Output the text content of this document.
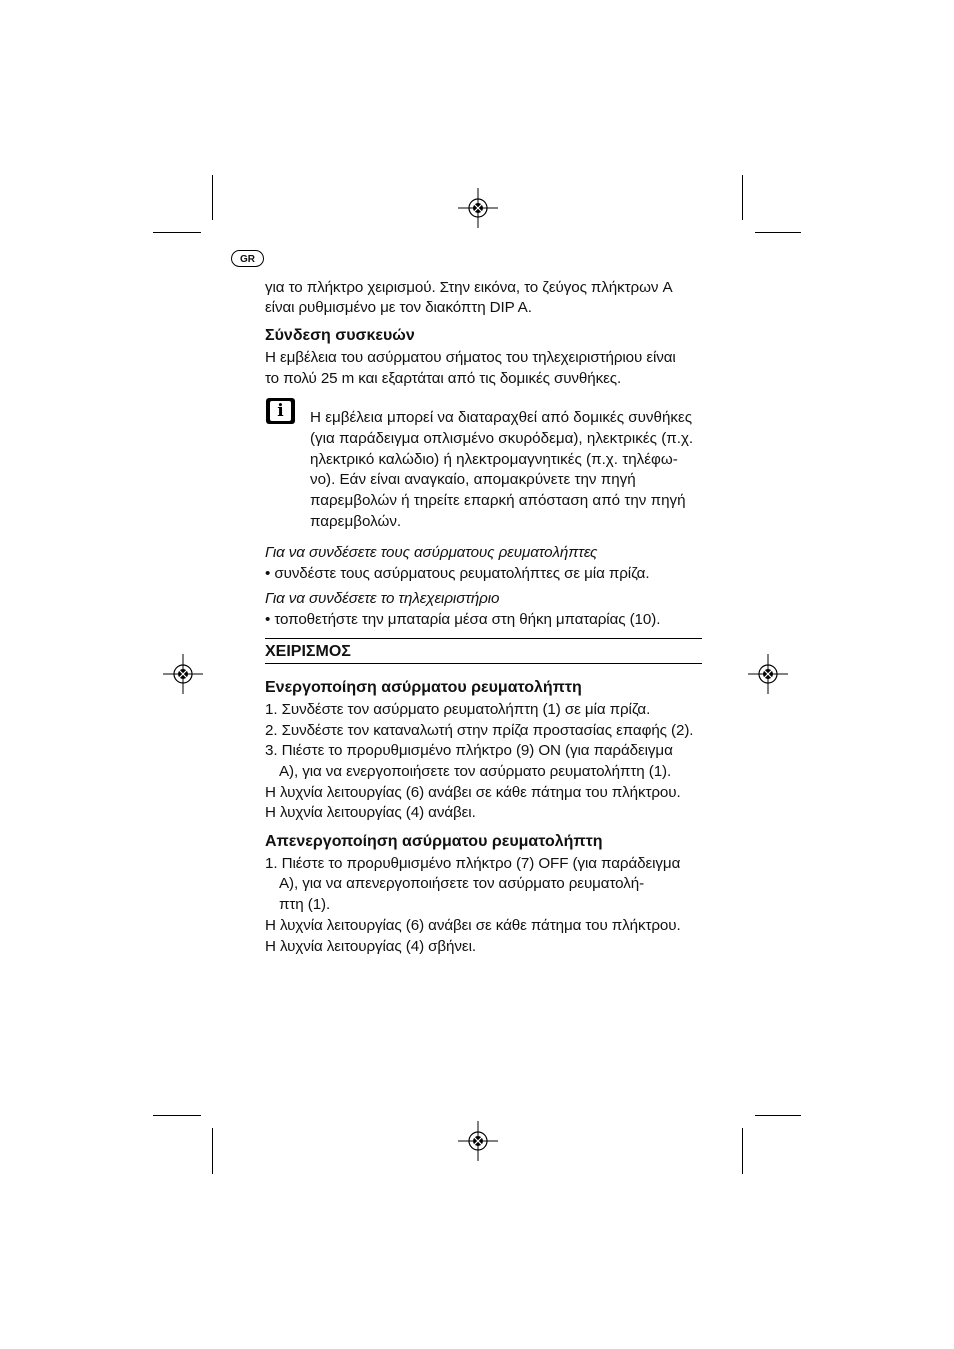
GR
για το πλήκτρο χειρισμού. Στην εικόνα, το ζεύγος πλήκτρων A
είναι ρυθμισμένο με τον διακόπτη DIP A.
Σύνδεση συσκευών
Η εμβέλεια του ασύρματου σήματος του τηλεχειριστήριου είναι
το πολύ 25 m και εξαρτάται από τις δομικές συνθήκες.
i	Η εμβέλεια μπορεί να διαταραχθεί από δομικές συνθήκες
(για παράδειγμα οπλισμένο σκυρόδεμα), ηλεκτρικές (π.χ.
ηλεκτρικό καλώδιο) ή ηλεκτρομαγνητικές (π.χ. τηλέφω-
νο). Εάν είναι αναγκαίο, απομακρύνετε την πηγή
παρεμβολών ή τηρείτε επαρκή απόσταση από την πηγή
παρεμβολών.
Για να συνδέσετε τους ασύρματους ρευματολήπτες
• συνδέστε τους ασύρματους ρευματολήπτες σε μία πρίζα.
Για να συνδέσετε το τηλεχειριστήριο
• τοποθετήστε την μπαταρία μέσα στη θήκη μπαταρίας (10).
ΧΕΙΡΙΣΜΟΣ
Ενεργοποίηση ασύρματου ρευματολήπτη
1. Συνδέστε τον ασύρματο ρευματολήπτη (1) σε μία πρίζα.
2. Συνδέστε τον καταναλωτή στην πρίζα προστασίας επαφής (2).
3. Πιέστε το προρυθμισμένο πλήκτρο (9) ON (για παράδειγμα
A), για να ενεργοποιήσετε τον ασύρματο ρευματολήπτη (1).
Η λυχνία λειτουργίας (6) ανάβει σε κάθε πάτημα του πλήκτρου.
Η λυχνία λειτουργίας (4) ανάβει.
Απενεργοποίηση ασύρματου ρευματολήπτη
1. Πιέστε το προρυθμισμένο πλήκτρο (7) OFF (για παράδειγμα
A), για να απενεργοποιήσετε τον ασύρματο ρευματολή-
πτη (1).
Η λυχνία λειτουργίας (6) ανάβει σε κάθε πάτημα του πλήκτρου.
Η λυχνία λειτουργίας (4) σβήνει.
